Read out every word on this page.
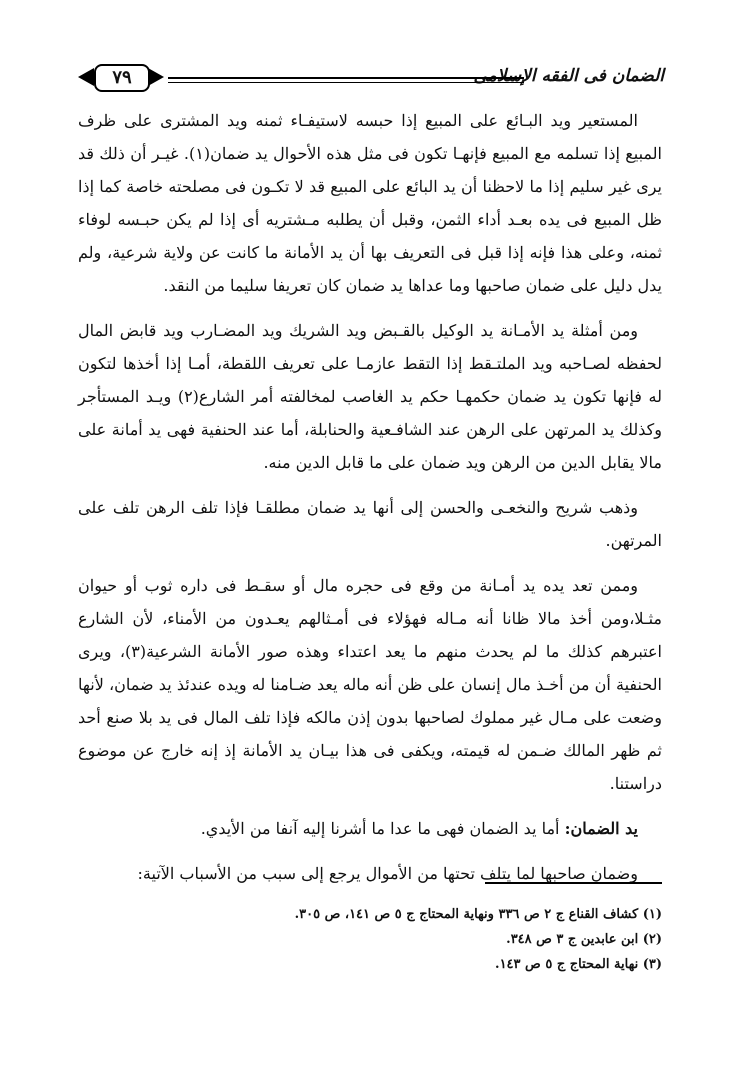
الضمان فى الفقه الإسلامى
٧٩

المستعير ويد البـائع على المبيع إذا حبسه لاستيفـاء ثمنه ويد المشترى على ظرف المبيع إذا تسلمه مع المبيع فإنهـا تكون فى مثل هذه الأحوال يد ضمان(١). غيـر أن ذلك قد يرى غير سليم إذا ما لاحظنا أن يد البائع على المبيع قد لا تكـون فى مصلحته خاصة كما إذا ظل المبيع فى يده بعـد أداء الثمن، وقبل أن يطلبه مـشتريه أى إذا لم يكن حبـسه لوفاء ثمنه، وعلى هذا فإنه إذا قبل فى التعريف بها أن يد الأمانة ما كانت عن ولاية شرعية، ولم يدل دليل على ضمان صاحبها وما عداها يد ضمان كان تعريفا سليما من النقد.

ومن أمثلة يد الأمـانة يد الوكيل بالقـبض ويد الشريك ويد المضـارب ويد قابض المال لحفظه لصـاحبه ويد الملتـقط إذا التقط عازمـا على تعريف اللقطة، أمـا إذا أخذها لتكون له فإنها تكون يد ضمان حكمهـا حكم يد الغاصب لمخالفته أمر الشارع(٢) ويـد المستأجر وكذلك يد المرتهن على الرهن عند الشافـعية والحنابلة، أما عند الحنفية فهى يد أمانة على مالا يقابل الدين من الرهن ويد ضمان على ما قابل الدين منه.

وذهب شريح والنخعـى والحسن إلى أنها يد ضمان مطلقـا فإذا تلف الرهن تلف على المرتهن.

وممن تعد يده يد أمـانة من وقع فى حجره مال أو سقـط فى داره ثوب أو حيوان مثـلا،ومن أخذ مالا ظانا أنه مـاله فهؤلاء فى أمـثالهم يعـدون من الأمناء، لأن الشارع اعتبرهم كذلك ما لم يحدث منهم ما يعد اعتداء وهذه صور الأمانة الشرعية(٣)، ويرى الحنفية أن من أخـذ مال إنسان على ظن أنه ماله يعد ضـامنا له ويده عندئذ يد ضمان، لأنها وضعت على مـال غير مملوك لصاحبها بدون إذن مالكه فإذا تلف المال فى يد بلا صنع أحد ثم ظهر المالك ضـمن له قيمته، ويكفى فى هذا بيـان يد الأمانة إذ إنه خارج عن موضوع دراستنا.

يد الضمان: أما يد الضمان فهى ما عدا ما أشرنا إليه آنفا من الأيدي.

وضمان صاحبها لما يتلف تحتها من الأموال يرجع إلى سبب من الأسباب الآتية:

(١) كشاف القناع ج ٢ ص ٣٣٦ ونهاية المحتاج ج ٥ ص ١٤١، ص ٣٠٥.
(٢) ابن عابدين ج ٣ ص ٣٤٨.
(٣) نهاية المحتاج ج ٥ ص ١٤٣.
